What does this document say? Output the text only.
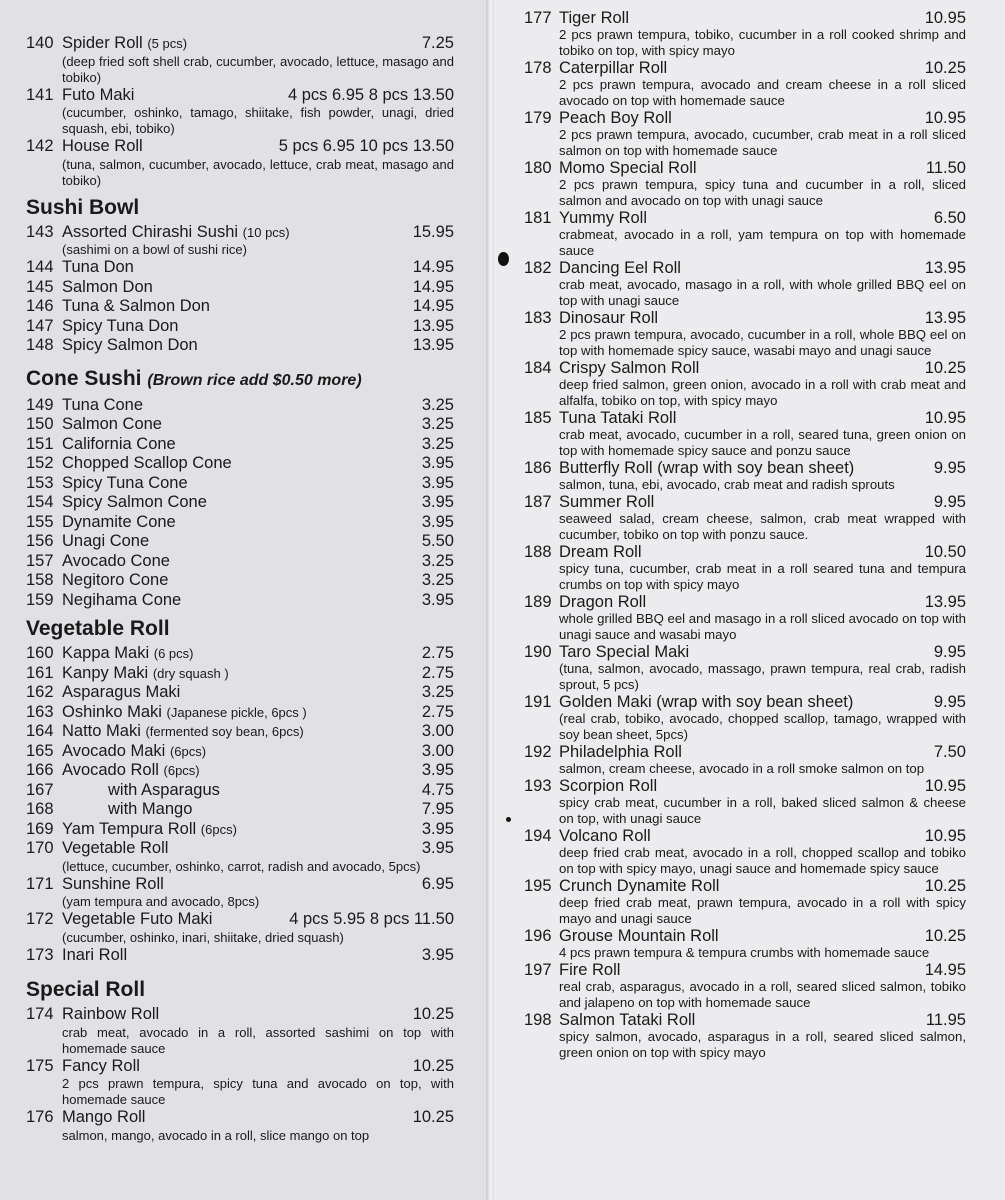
140 Spider Roll (5 pcs)	7.25
(deep fried soft shell crab, cucumber, avocado, lettuce, masago and tobiko)
141 Futo Maki	4 pcs 6.95 8 pcs 13.50
(cucumber, oshinko, tamago, shiitake, fish powder, unagi, dried squash, ebi, tobiko)
142 House Roll	5 pcs 6.95 10 pcs 13.50
(tuna, salmon, cucumber, avocado, lettuce, crab meat, masago and tobiko)
Sushi Bowl
143 Assorted Chirashi Sushi (10 pcs)	15.95
(sashimi on a bowl of sushi rice)
144 Tuna Don	14.95
145 Salmon Don	14.95
146 Tuna & Salmon Don	14.95
147 Spicy Tuna Don	13.95
148 Spicy Salmon Don	13.95
Cone Sushi (Brown rice add $0.50 more)
149 Tuna Cone	3.25
150 Salmon Cone	3.25
151 California Cone	3.25
152 Chopped Scallop Cone	3.95
153 Spicy Tuna Cone	3.95
154 Spicy Salmon Cone	3.95
155 Dynamite Cone	3.95
156 Unagi Cone	5.50
157 Avocado Cone	3.25
158 Negitoro Cone	3.25
159 Negihama Cone	3.95
Vegetable Roll
160 Kappa Maki (6 pcs)	2.75
161 Kanpy Maki (dry squash )	2.75
162 Asparagus Maki	3.25
163 Oshinko Maki (Japanese pickle, 6pcs )	2.75
164 Natto Maki (fermented soy bean, 6pcs)	3.00
165 Avocado Maki (6pcs)	3.00
166 Avocado Roll (6pcs)	3.95
167	with Asparagus	4.75
168	with Mango	7.95
169 Yam Tempura Roll (6pcs)	3.95
170 Vegetable Roll	3.95
(lettuce, cucumber, oshinko, carrot, radish and avocado, 5pcs)
171 Sunshine Roll	6.95
(yam tempura and avocado, 8pcs)
172 Vegetable Futo Maki	4 pcs 5.95 8 pcs 11.50
(cucumber, oshinko, inari, shiitake, dried squash)
173 Inari Roll	3.95
Special Roll
174 Rainbow Roll	10.25
crab meat, avocado in a roll, assorted sashimi on top with homemade sauce
175 Fancy Roll	10.25
2 pcs prawn tempura, spicy tuna and avocado on top, with homemade sauce
176 Mango Roll	10.25
salmon, mango, avocado in a roll, slice mango on top
177 Tiger Roll	10.95
2 pcs prawn tempura, tobiko, cucumber in a roll cooked shrimp and tobiko on top, with spicy mayo
178 Caterpillar Roll	10.25
2 pcs prawn tempura, avocado and cream cheese in a roll sliced avocado on top with homemade sauce
179 Peach Boy Roll	10.95
2 pcs prawn tempura, avocado, cucumber, crab meat in a roll sliced salmon on top with homemade sauce
180 Momo Special Roll	11.50
2 pcs prawn tempura, spicy tuna and cucumber in a roll, sliced salmon and avocado on top with unagi sauce
181 Yummy Roll	6.50
crabmeat, avocado in a roll, yam tempura on top with homemade sauce
182 Dancing Eel Roll	13.95
crab meat, avocado, masago in a roll, with whole grilled BBQ eel on top with unagi sauce
183 Dinosaur Roll	13.95
2 pcs prawn tempura, avocado, cucumber in a roll, whole BBQ eel on top with homemade spicy sauce, wasabi mayo and unagi sauce
184 Crispy Salmon Roll	10.25
deep fried salmon, green onion, avocado in a roll with crab meat and alfalfa, tobiko on top, with spicy mayo
185 Tuna Tataki Roll	10.95
crab meat, avocado, cucumber in a roll, seared tuna, green onion on top with homemade spicy sauce and ponzu sauce
186 Butterfly Roll (wrap with soy bean sheet)	9.95
salmon, tuna, ebi, avocado, crab meat and radish sprouts
187 Summer Roll	9.95
seaweed salad, cream cheese, salmon, crab meat wrapped with cucumber, tobiko on top with ponzu sauce.
188 Dream Roll	10.50
spicy tuna, cucumber, crab meat in a roll seared tuna and tempura crumbs on top with spicy mayo
189 Dragon Roll	13.95
whole grilled BBQ eel and masago in a roll sliced avocado on top with unagi sauce and wasabi mayo
190 Taro Special Maki	9.95
(tuna, salmon, avocado, massago, prawn tempura, real crab, radish sprout, 5 pcs)
191 Golden Maki (wrap with soy bean sheet)	9.95
(real crab, tobiko, avocado, chopped scallop, tamago, wrapped with soy bean sheet, 5pcs)
192 Philadelphia Roll	7.50
salmon, cream cheese, avocado in a roll smoke salmon on top
193 Scorpion Roll	10.95
spicy crab meat, cucumber in a roll, baked sliced salmon & cheese on top, with unagi sauce
194 Volcano Roll	10.95
deep fried crab meat, avocado in a roll, chopped scallop and tobiko on top with spicy mayo, unagi sauce and homemade spicy sauce
195 Crunch Dynamite Roll	10.25
deep fried crab meat, prawn tempura, avocado in a roll with spicy mayo and unagi sauce
196 Grouse Mountain Roll	10.25
4 pcs prawn tempura & tempura crumbs with homemade sauce
197 Fire Roll	14.95
real crab, asparagus, avocado in a roll, seared sliced salmon, tobiko and jalapeno on top with homemade sauce
198 Salmon Tataki Roll	11.95
spicy salmon, avocado, asparagus in a roll, seared sliced salmon, green onion on top with spicy mayo
